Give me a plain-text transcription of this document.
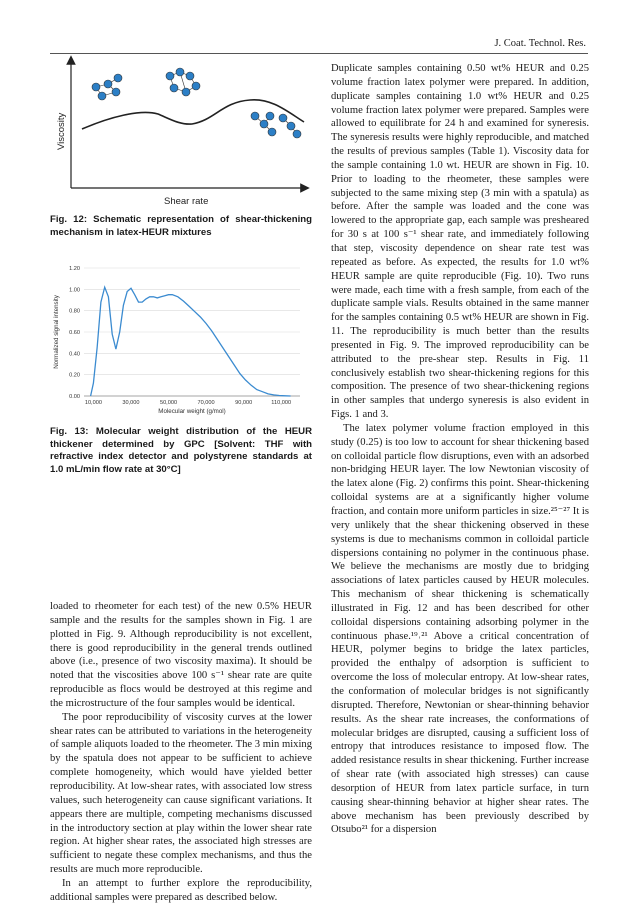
J. Coat. Technol. Res.
Viscosity
Shear rate
Fig. 12: Schematic representation of shear-thickening mechanism in latex-HEUR mixtures
0.00
0.20
0.40
0.60
0.80
1.00
1.20
10,000	30,000	50,000	70,000	90,000	110,000
Molecular weight (g/mol)
Normalized signal intensity
Fig. 13: Molecular weight distribution of the HEUR thickener determined by GPC [Solvent: THF with refractive index detector and polystyrene standards at 1.0 mL/min flow rate at 30°C]

loaded to rheometer for each test) of the new 0.5% HEUR sample and the results for the samples shown in Fig. 1 are plotted in Fig. 9. Although reproducibility is not excellent, there is good reproducibility in the general trends outlined above (i.e., presence of two viscosity maxima). It should be noted that the viscosities above 100 s⁻¹ shear rate are quite reproducible as flocs would be destroyed at this regime and the microstructure of the four samples would be identical.

The poor reproducibility of viscosity curves at the lower shear rates can be attributed to variations in the heterogeneity of sample aliquots loaded to the rheometer. The 3 min mixing by the spatula does not appear to be sufficient to achieve complete homogeneity, which would have yielded better reproducibility. At low-shear rates, with associated low stress values, such heterogeneity can cause significant variations. It appears there are multiple, competing mechanisms discussed in the introductory section at play within the lower shear rate region. At higher shear rates, the associated high stresses are sufficient to negate these complex mechanisms, and thus the results are much more reproducible.

In an attempt to further explore the reproducibility, additional samples were prepared as described below.

Duplicate samples containing 0.50 wt% HEUR and 0.25 volume fraction latex polymer were prepared. In addition, duplicate samples containing 1.0 wt% HEUR and 0.25 volume fraction latex polymer were prepared. Samples were allowed to equilibrate for 24 h and examined for syneresis. The syneresis results were highly reproducible, and matched the results of previous samples (Table 1). Viscosity data for the sample containing 1.0 wt. HEUR are shown in Fig. 10. Prior to loading to the rheometer, these samples were subjected to the same mixing step (3 min with a spatula) as before. After the sample was loaded and the cone was lowered to the appropriate gap, each sample was presheared for 30 s at 100 s⁻¹ shear rate, and immediately following that step, viscosity dependence on shear rate test was repeated as before. As expected, the results for 1.0 wt% HEUR sample are quite reproducible (Fig. 10). Two runs were made, each time with a fresh sample, from each of the duplicate sample vials. Results obtained in the same manner for the samples containing 0.5 wt% HEUR are shown in Fig. 11. The reproducibility is much better than the results presented in Fig. 9. The improved reproducibility can be attributed to the pre-shear step. Results in Fig. 11 conclusively establish two shear-thickening regions for this composition. The presence of two shear-thickening regions in other samples that undergo syneresis is also evident in Figs. 1 and 3.

The latex polymer volume fraction employed in this study (0.25) is too low to account for shear thickening based on colloidal particle flow disruptions, even with an adsorbed non-bridging HEUR layer. The low Newtonian viscosity of the latex alone (Fig. 2) confirms this point. Shear-thickening colloidal systems are at a significantly higher volume fraction, and contain more uniform particles in size.²⁵⁻²⁷ It is very unlikely that the shear thickening observed in these systems is due to mechanisms common in colloidal particle dispersions containing no polymer in the continuous phase. We believe the mechanisms are mostly due to bridging associations of latex particles caused by HEUR molecules. This mechanism of shear thickening is schematically illustrated in Fig. 12 and has been described for other colloidal dispersions containing adsorbing polymer in the continuous phase.¹⁹˒²¹ Above a critical concentration of HEUR, polymer begins to bridge the latex particles, provided the enthalpy of adsorption is sufficient to overcome the loss of molecular entropy. At low-shear rates, the conformation of molecular bridges is not significantly disrupted. Therefore, Newtonian or shear-thinning behavior results. As the shear rate increases, the conformations of molecular bridges are disrupted, causing a sufficient loss of entropy that introduces resistance to imposed flow. The added resistance results in shear thickening. Further increase of shear rate (with associated high stresses) can cause desorption of HEUR from latex particle surface, in turn causing shear-thinning behavior at higher shear rates. The above mechanism has been previously described by Otsubo²¹ for a dispersion
